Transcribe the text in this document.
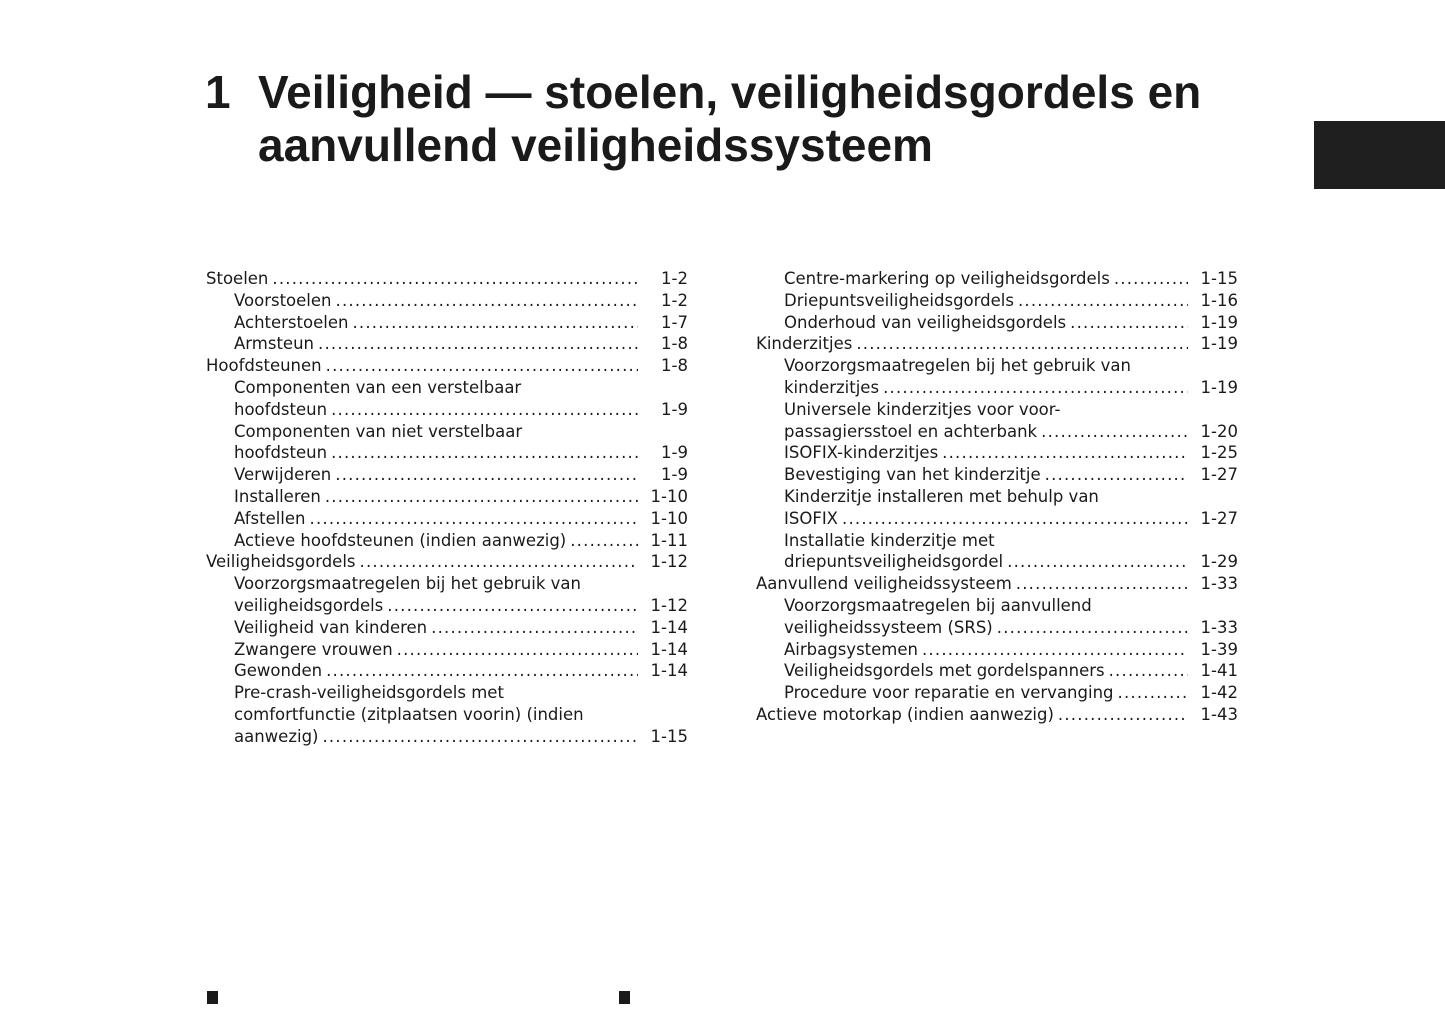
1 Veiligheid — stoelen, veiligheidsgordels en aanvullend veiligheidssysteem
Stoelen .....	1-2
Voorstoelen .....	1-2
Achterstoelen .....	1-7
Armsteun .....	1-8
Hoofdsteunen .....	1-8
Componenten van een verstelbaar
hoofdsteun .....	1-9
Componenten van niet verstelbaar
hoofdsteun .....	1-9
Verwijderen .....	1-9
Installeren .....	1-10
Afstellen .....	1-10
Actieve hoofdsteunen (indien aanwezig) .....	1-11
Veiligheidsgordels .....	1-12
Voorzorgsmaatregelen bij het gebruik van
veiligheidsgordels .....	1-12
Veiligheid van kinderen .....	1-14
Zwangere vrouwen .....	1-14
Gewonden .....	1-14
Pre-crash-veiligheidsgordels met
comfortfunctie (zitplaatsen voorin) (indien
aanwezig) .....	1-15
Centre-markering op veiligheidsgordels .....	1-15
Driepuntsveiligheidsgordels .....	1-16
Onderhoud van veiligheidsgordels .....	1-19
Kinderzitjes .....	1-19
Voorzorgsmaatregelen bij het gebruik van
kinderzitjes .....	1-19
Universele kinderzitjes voor voor-
passagiersstoel en achterbank .....	1-20
ISOFIX-kinderzitjes .....	1-25
Bevestiging van het kinderzitje .....	1-27
Kinderzitje installeren met behulp van
ISOFIX .....	1-27
Installatie kinderzitje met
driepuntsveiligheidsgordel .....	1-29
Aanvullend veiligheidssysteem .....	1-33
Voorzorgsmaatregelen bij aanvullend
veiligheidssysteem (SRS) .....	1-33
Airbagsystemen .....	1-39
Veiligheidsgordels met gordelspanners .....	1-41
Procedure voor reparatie en vervanging .....	1-42
Actieve motorkap (indien aanwezig) .....	1-43
